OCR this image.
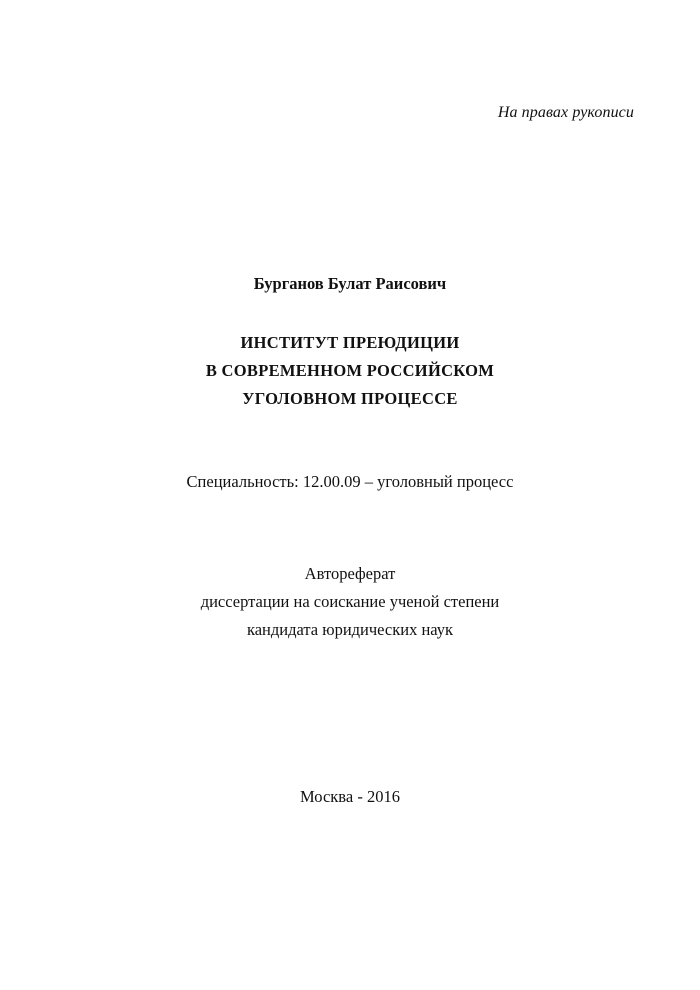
На правах рукописи
Бурганов Булат Раисович
ИНСТИТУТ ПРЕЮДИЦИИ
В СОВРЕМЕННОМ РОССИЙСКОМ
УГОЛОВНОМ ПРОЦЕССЕ
Специальность: 12.00.09 – уголовный процесс
Автореферат
диссертации на соискание ученой степени
кандидата юридических наук
Москва - 2016
